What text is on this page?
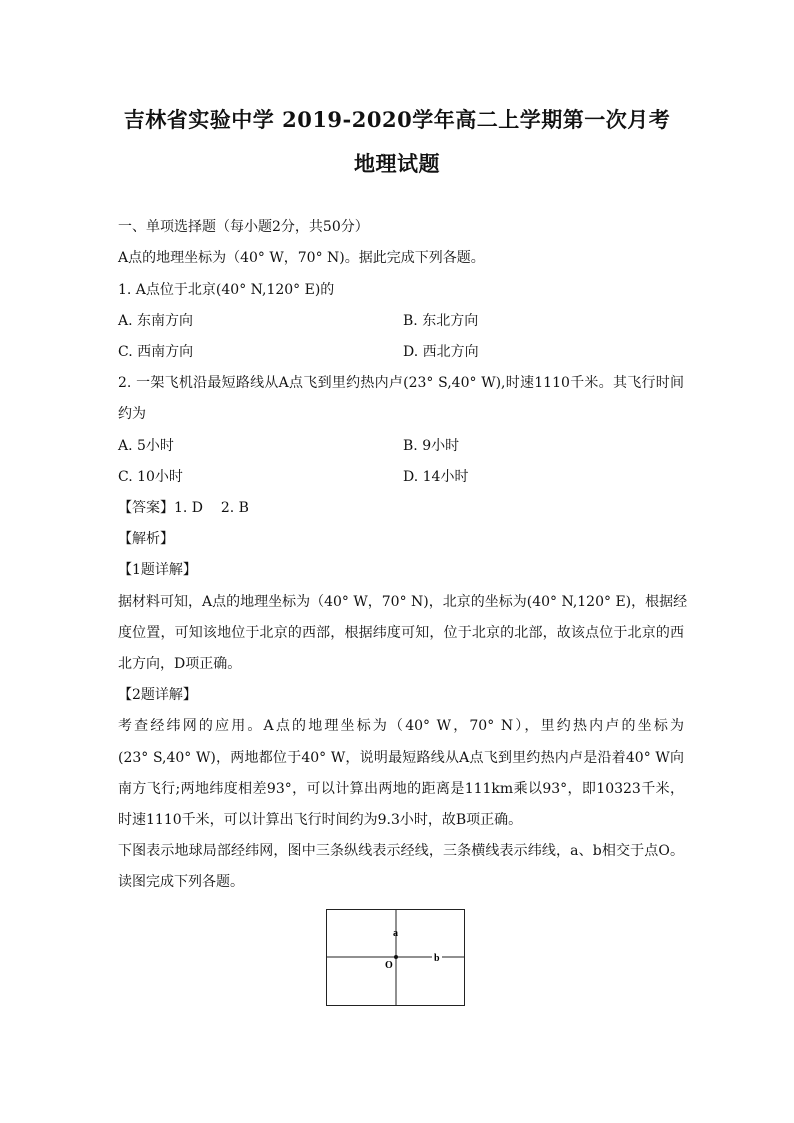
吉林省实验中学 2019-2020学年高二上学期第一次月考
地理试题
一、单项选择题（每小题2分，共50分）
A点的地理坐标为（40° W，70° N)。据此完成下列各题。
1. A点位于北京(40° N,120° E)的
A. 东南方向	B. 东北方向
C. 西南方向	D. 西北方向
2. 一架飞机沿最短路线从A点飞到里约热内卢(23° S,40° W),时速1110千米。其飞行时间
约为
A. 5小时	B. 9小时
C. 10小时	D. 14小时
【答案】1. D    2. B
【解析】
【1题详解】
据材料可知，A点的地理坐标为（40° W，70° N)，北京的坐标为(40° N,120° E)，根据经
度位置，可知该地位于北京的西部，根据纬度可知，位于北京的北部，故该点位于北京的西
北方向，D项正确。
【2题详解】
考查经纬网的应用。A点的地理坐标为（40° W，70° N），里约热内卢的坐标为
(23° S,40° W)，两地都位于40° W，说明最短路线从A点飞到里约热内卢是沿着40° W向
南方飞行;两地纬度相差93°，可以计算出两地的距离是111km乘以93°，即10323千米，
时速1110千米，可以计算出飞行时间约为9.3小时，故B项正确。
下图表示地球局部经纬网，图中三条纵线表示经线，三条横线表示纬线，a、b相交于点O。
读图完成下列各题。
a
O
b
